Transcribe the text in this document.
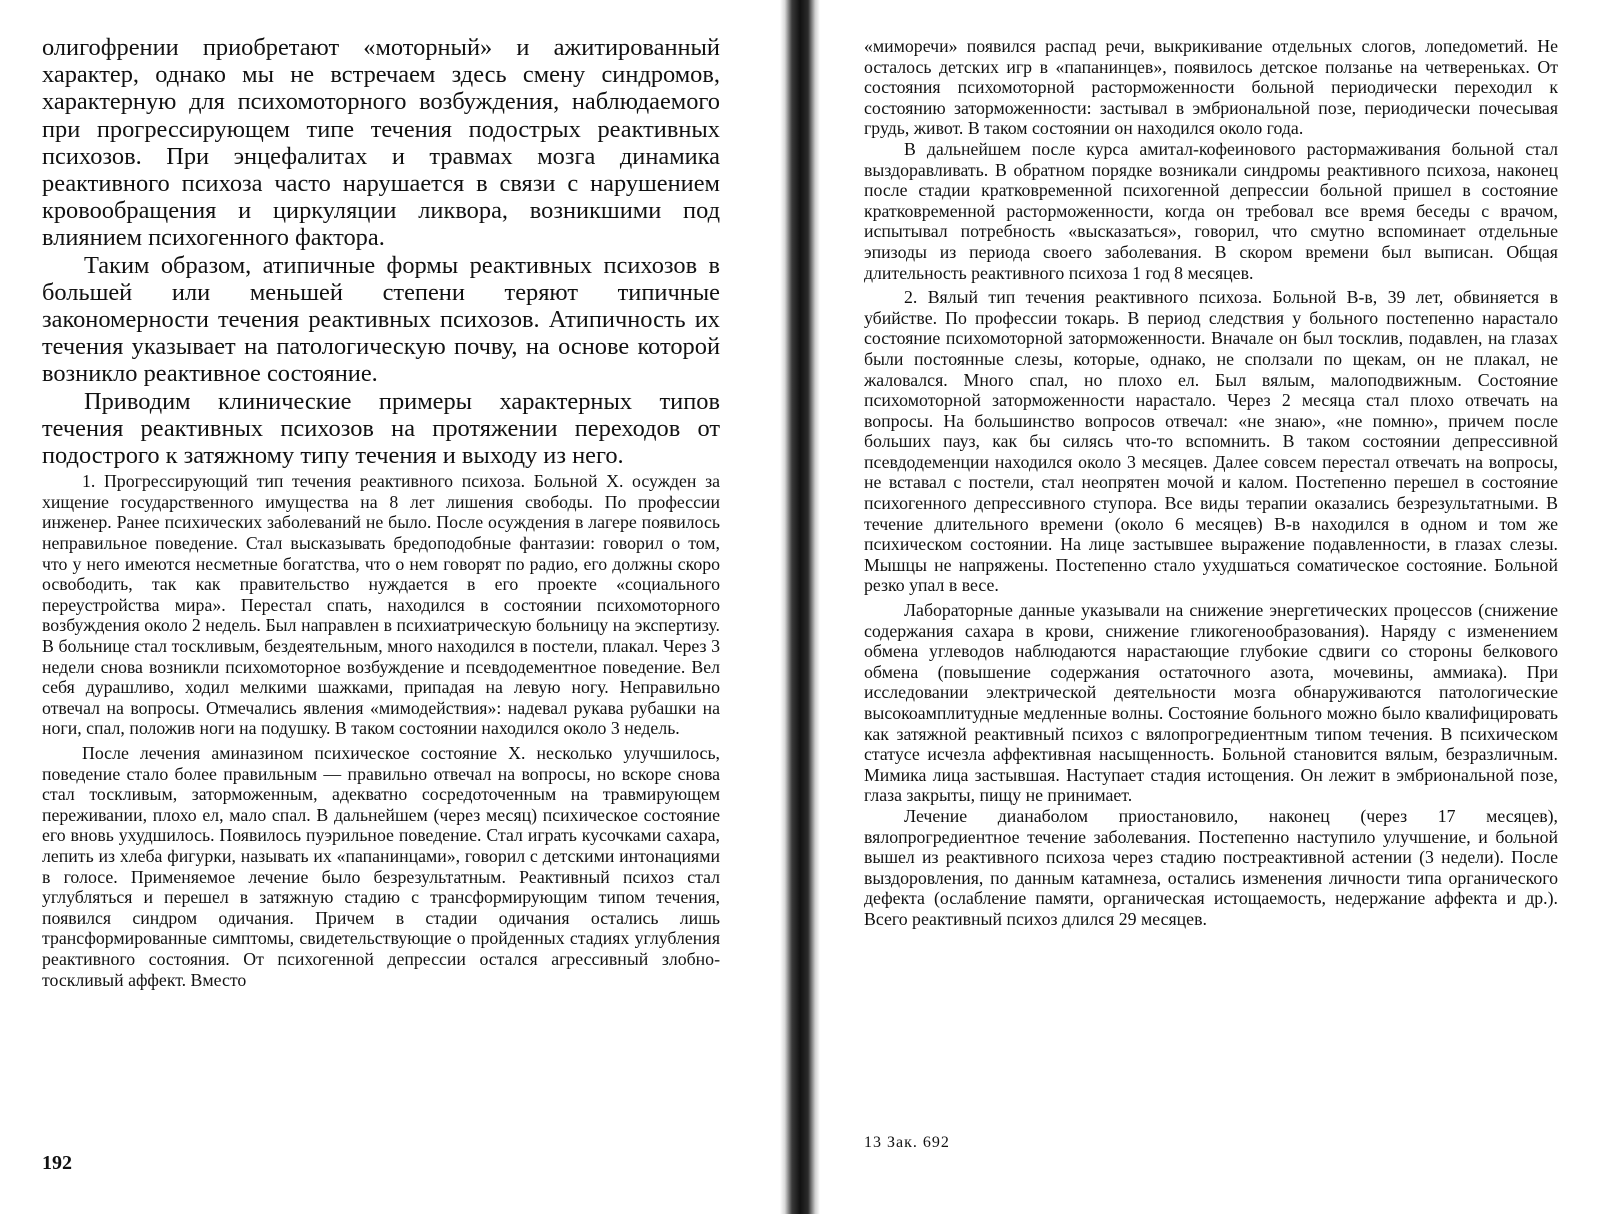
олигофрении приобретают «моторный» и ажитированный характер, однако мы не встречаем здесь смену синдромов, характерную для психомоторного возбуждения, наблюдаемого при прогрессирующем типе течения подострых реактивных психозов. При энцефалитах и травмах мозга динамика реактивного психоза часто нарушается в связи с нарушением кровообращения и циркуляции ликвора, возникшими под влиянием психогенного фактора.

Таким образом, атипичные формы реактивных психозов в большей или меньшей степени теряют типичные закономерности течения реактивных психозов. Атипичность их течения указывает на патологическую почву, на основе которой возникло реактивное состояние.

Приводим клинические примеры характерных типов течения реактивных психозов на протяжении переходов от подострого к затяжному типу течения и выходу из него.

1. Прогрессирующий тип течения реактивного психоза. Больной X. осужден за хищение государственного имущества на 8 лет лишения свободы. По профессии инженер. Ранее психических заболеваний не было. После осуждения в лагере появилось неправильное поведение. Стал высказывать бредоподобные фантазии: говорил о том, что у него имеются несметные богатства, что о нем говорят по радио, его должны скоро освободить, так как правительство нуждается в его проекте «социального переустройства мира». Перестал спать, находился в состоянии психомоторного возбуждения около 2 недель. Был направлен в психиатрическую больницу на экспертизу. В больнице стал тоскливым, бездеятельным, много находился в постели, плакал. Через 3 недели снова возникли психомоторное возбуждение и псевдодементное поведение. Вел себя дурашливо, ходил мелкими шажками, припадая на левую ногу. Неправильно отвечал на вопросы. Отмечались явления «мимодействия»: надевал рукава рубашки на ноги, спал, положив ноги на подушку. В таком состоянии находился около 3 недель.

После лечения аминазином психическое состояние X. несколько улучшилось, поведение стало более правильным — правильно отвечал на вопросы, но вскоре снова стал тоскливым, заторможенным, адекватно сосредоточенным на травмирующем переживании, плохо ел, мало спал. В дальнейшем (через месяц) психическое состояние его вновь ухудшилось. Появилось пуэрильное поведение. Стал играть кусочками сахара, лепить из хлеба фигурки, называть их «папанинцами», говорил с детскими интонациями в голосе. Применяемое лечение было безрезультатным. Реактивный психоз стал углубляться и перешел в затяжную стадию с трансформирующим типом течения, появился синдром одичания. Причем в стадии одичания остались лишь трансформированные симптомы, свидетельствующие о пройденных стадиях углубления реактивного состояния. От психогенной депрессии остался агрессивный злобно-тоскливый аффект. Вместо

«миморечи» появился распад речи, выкрикивание отдельных слогов, лопедометий. Не осталось детских игр в «папанинцев», появилось детское ползанье на четвереньках. От состояния психомоторной расторможенности больной периодически переходил к состоянию заторможенности: застывал в эмбриональной позе, периодически почесывая грудь, живот. В таком состоянии он находился около года.

В дальнейшем после курса амитал-кофеинового растормаживания больной стал выздоравливать. В обратном порядке возникали синдромы реактивного психоза, наконец после стадии кратковременной психогенной депрессии больной пришел в состояние кратковременной расторможенности, когда он требовал все время беседы с врачом, испытывал потребность «высказаться», говорил, что смутно вспоминает отдельные эпизоды из периода своего заболевания. В скором времени был выписан. Общая длительность реактивного психоза 1 год 8 месяцев.

2. Вялый тип течения реактивного психоза. Больной В-в, 39 лет, обвиняется в убийстве. По профессии токарь. В период следствия у больного постепенно нарастало состояние психомоторной заторможенности. Вначале он был тосклив, подавлен, на глазах были постоянные слезы, которые, однако, не сползали по щекам, он не плакал, не жаловался. Много спал, но плохо ел. Был вялым, малоподвижным. Состояние психомоторной заторможенности нарастало. Через 2 месяца стал плохо отвечать на вопросы. На большинство вопросов отвечал: «не знаю», «не помню», причем после больших пауз, как бы силясь что-то вспомнить. В таком состоянии депрессивной псевдодеменции находился около 3 месяцев. Далее совсем перестал отвечать на вопросы, не вставал с постели, стал неопрятен мочой и калом. Постепенно перешел в состояние психогенного депрессивного ступора. Все виды терапии оказались безрезультатными. В течение длительного времени (около 6 месяцев) В-в находился в одном и том же психическом состоянии. На лице застывшее выражение подавленности, в глазах слезы. Мышцы не напряжены. Постепенно стало ухудшаться соматическое состояние. Больной резко упал в весе.

Лабораторные данные указывали на снижение энергетических процессов (снижение содержания сахара в крови, снижение гликогенообразования). Наряду с изменением обмена углеводов наблюдаются нарастающие глубокие сдвиги со стороны белкового обмена (повышение содержания остаточного азота, мочевины, аммиака). При исследовании электрической деятельности мозга обнаруживаются патологические высокоамплитудные медленные волны. Состояние больного можно было квалифицировать как затяжной реактивный психоз с вялопрогредиентным типом течения. В психическом статусе исчезла аффективная насыщенность. Больной становится вялым, безразличным. Мимика лица застывшая. Наступает стадия истощения. Он лежит в эмбриональной позе, глаза закрыты, пищу не принимает.

Лечение дианаболом приостановило, наконец (через 17 месяцев), вялопрогредиентное течение заболевания. Постепенно наступило улучшение, и больной вышел из реактивного психоза через стадию постреактивной астении (3 недели). После выздоровления, по данным катамнеза, остались изменения личности типа органического дефекта (ослабление памяти, органическая истощаемость, недержание аффекта и др.). Всего реактивный психоз длился 29 месяцев.

192
13 Зак. 692
